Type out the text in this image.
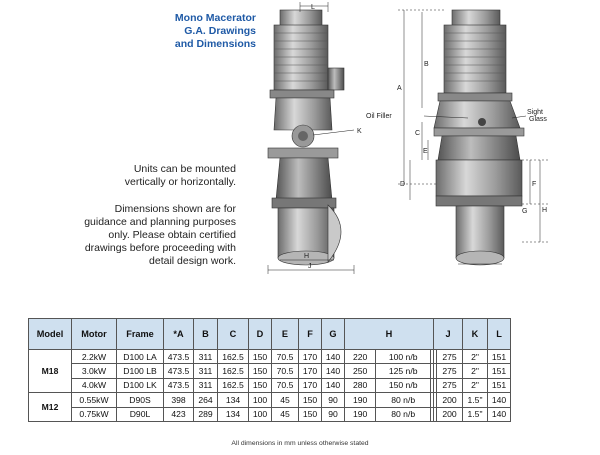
Mono Macerator
G.A. Drawings
and Dimensions
Units can be mounted
vertically or horizontally.
Dimensions shown are for
guidance and planning purposes
only. Please obtain certified
drawings before proceeding with
detail design work.
K
L
H
J
Oil Filler
Sight
Glass
A
B
C
E
D	F
G H
Model	Motor	Frame	*A	B	C	D	E	F	G	H			J		K	L
M18	2.2kW	D100 LA	473.5	311	162.5	150	70.5	170	140	220	100 n/b			275	2"	151
	3.0kW	D100 LB	473.5	311	162.5	150	70.5	170	140	250	125 n/b			275	2"	151
	4.0kW	D100 LK	473.5	311	162.5	150	70.5	170	140	280	150 n/b			275	2"	151
M12	0.55kW	D90S	398	264	134	100	45	150	90	190	80 n/b			200	1.5"	140
	0.75kW	D90L	423	289	134	100	45	150	90	190	80 n/b			200	1.5"	140
All dimensions in mm unless otherwise stated
